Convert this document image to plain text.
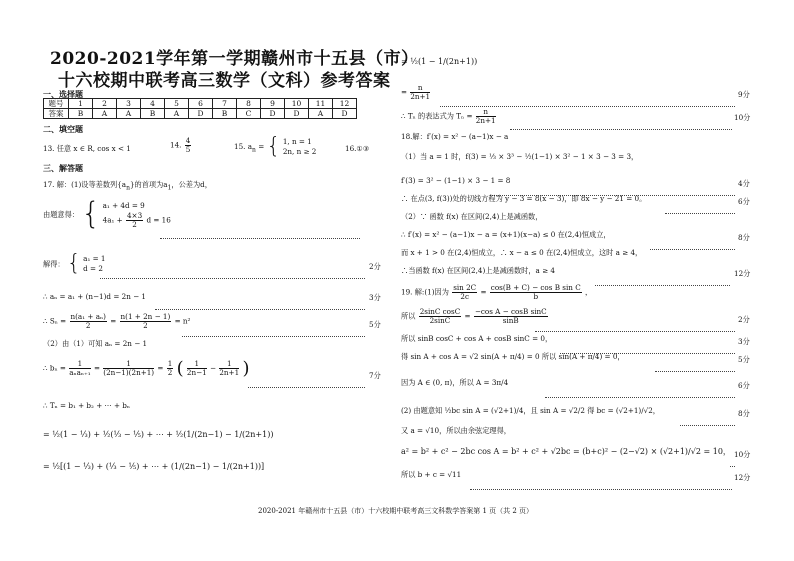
2020-2021学年第一学期赣州市十五县（市）
十六校期中联考高三数学（文科）参考答案
一、选择题
题号	1	2	3	4	5	6	7	8	9	10	11	12
答案	B	A	A	B	A	D	B	C	D	D	A	D
二、填空题
13. 任意 x ∈ R, cos x < 1	14. $\frac{4}{5}$	15. $a_n$ = { 1, n = 1
2n, n ≥ 2	16.①③
三、解答题
17. 解：(1)设等差数列$\{a_n\}$的首项为$a_1$，公差为d，
由题意得： { a₁ + 4d = 9
$4a_1 + \frac{4\times 3}{2}$ d = 16
解得： { a₁ = 1
d = 2	2分
∴ aₙ = a₁ + (n−1)d = 2n − 1	3分
∴ $S_n = \frac{\text{n(a₁ + aₙ)}}{2} = \frac{n(1 + 2n - 1)}{2} = n^2$	5分
（2）由（1）可知 aₙ = 2n − 1
∴ $b_n = \frac{1}{\text{aₙaₙ₊₁}} = \frac{1}{(2n-1)(2n+1)} = \frac{1}{2}$ ( $\frac{1}{2n-1} - \frac{1}{2n+1}$ )	7分
∴ Tₙ = b₁ + b₂ + ⋯ + bₙ
= ½(1 − ⅓) + ½(⅓ − ⅕) + ⋯ + ½(1/(2n−1) − 1/(2n+1))
= ½[(1 − ⅓) + (⅓ − ⅕) + ⋯ + (1/(2n−1) − 1/(2n+1))]
= ½(1 − 1/(2n+1))
= $\frac{n}{2n+1}$	9分
∴ Tₙ 的表达式为 $T_n = \frac{n}{2n+1}$	10分
18.解：f′(x) = x² − (a−1)x − a
（1）当 a = 1 时，f(3) = ⅓ × 3³ − ½(1−1) × 3² − 1 × 3 − 3 = 3，
f′(3) = 3² − (1−1) × 3 − 1 = 8	4分
∴ 在点(3, f(3))处的切线方程为 y − 3 = 8(x − 3)，即 8x − y − 21 = 0。	6分
（2）∵ 函数 f(x) 在区间(2,4)上是减函数，
∴ f′(x) = x² − (a−1)x − a = (x+1)(x−a) ≤ 0 在(2,4)恒成立，	8分
而 x + 1 > 0 在(2,4)恒成立，∴ x − a ≤ 0 在(2,4)恒成立，这时 a ≥ 4，
∴当函数 f(x) 在区间(2,4)上是减函数时，a ≥ 4	12分
19. 解:(1)因为 $\frac{\sin 2C}{2c} = \frac{\text{cos(B + C) − cos B sin C}}{b}$ ，
所以 $\frac{\text{2sinC cosC}}{2\sin C} = \frac{\text{−cos A − cosB sinC}}{\sin B}$	2分
所以 sinB cosC + cos A + cosB sinC = 0，	3分
得 sin A + cos A = √2 sin(A + π/4) = 0 所以 sin(A + π/4) = 0，	5分
因为 A ∈ (0, π)，所以 A = 3π/4	6分
(2) 由题意知 ½bc sin A = (√2+1)/4，且 sin A = √2/2 得 bc = (√2+1)/√2，	8分
又 a = √10，所以由余弦定理得，
a² = b² + c² − 2bc cos A = b² + c² + √2bc = (b+c)² − (2−√2) × (√2+1)/√2 = 10， 10分
所以 b + c = √11	12分
2020-2021 年赣州市十五县（市）十六校期中联考高三文科数学答案第 1 页（共 2 页）
